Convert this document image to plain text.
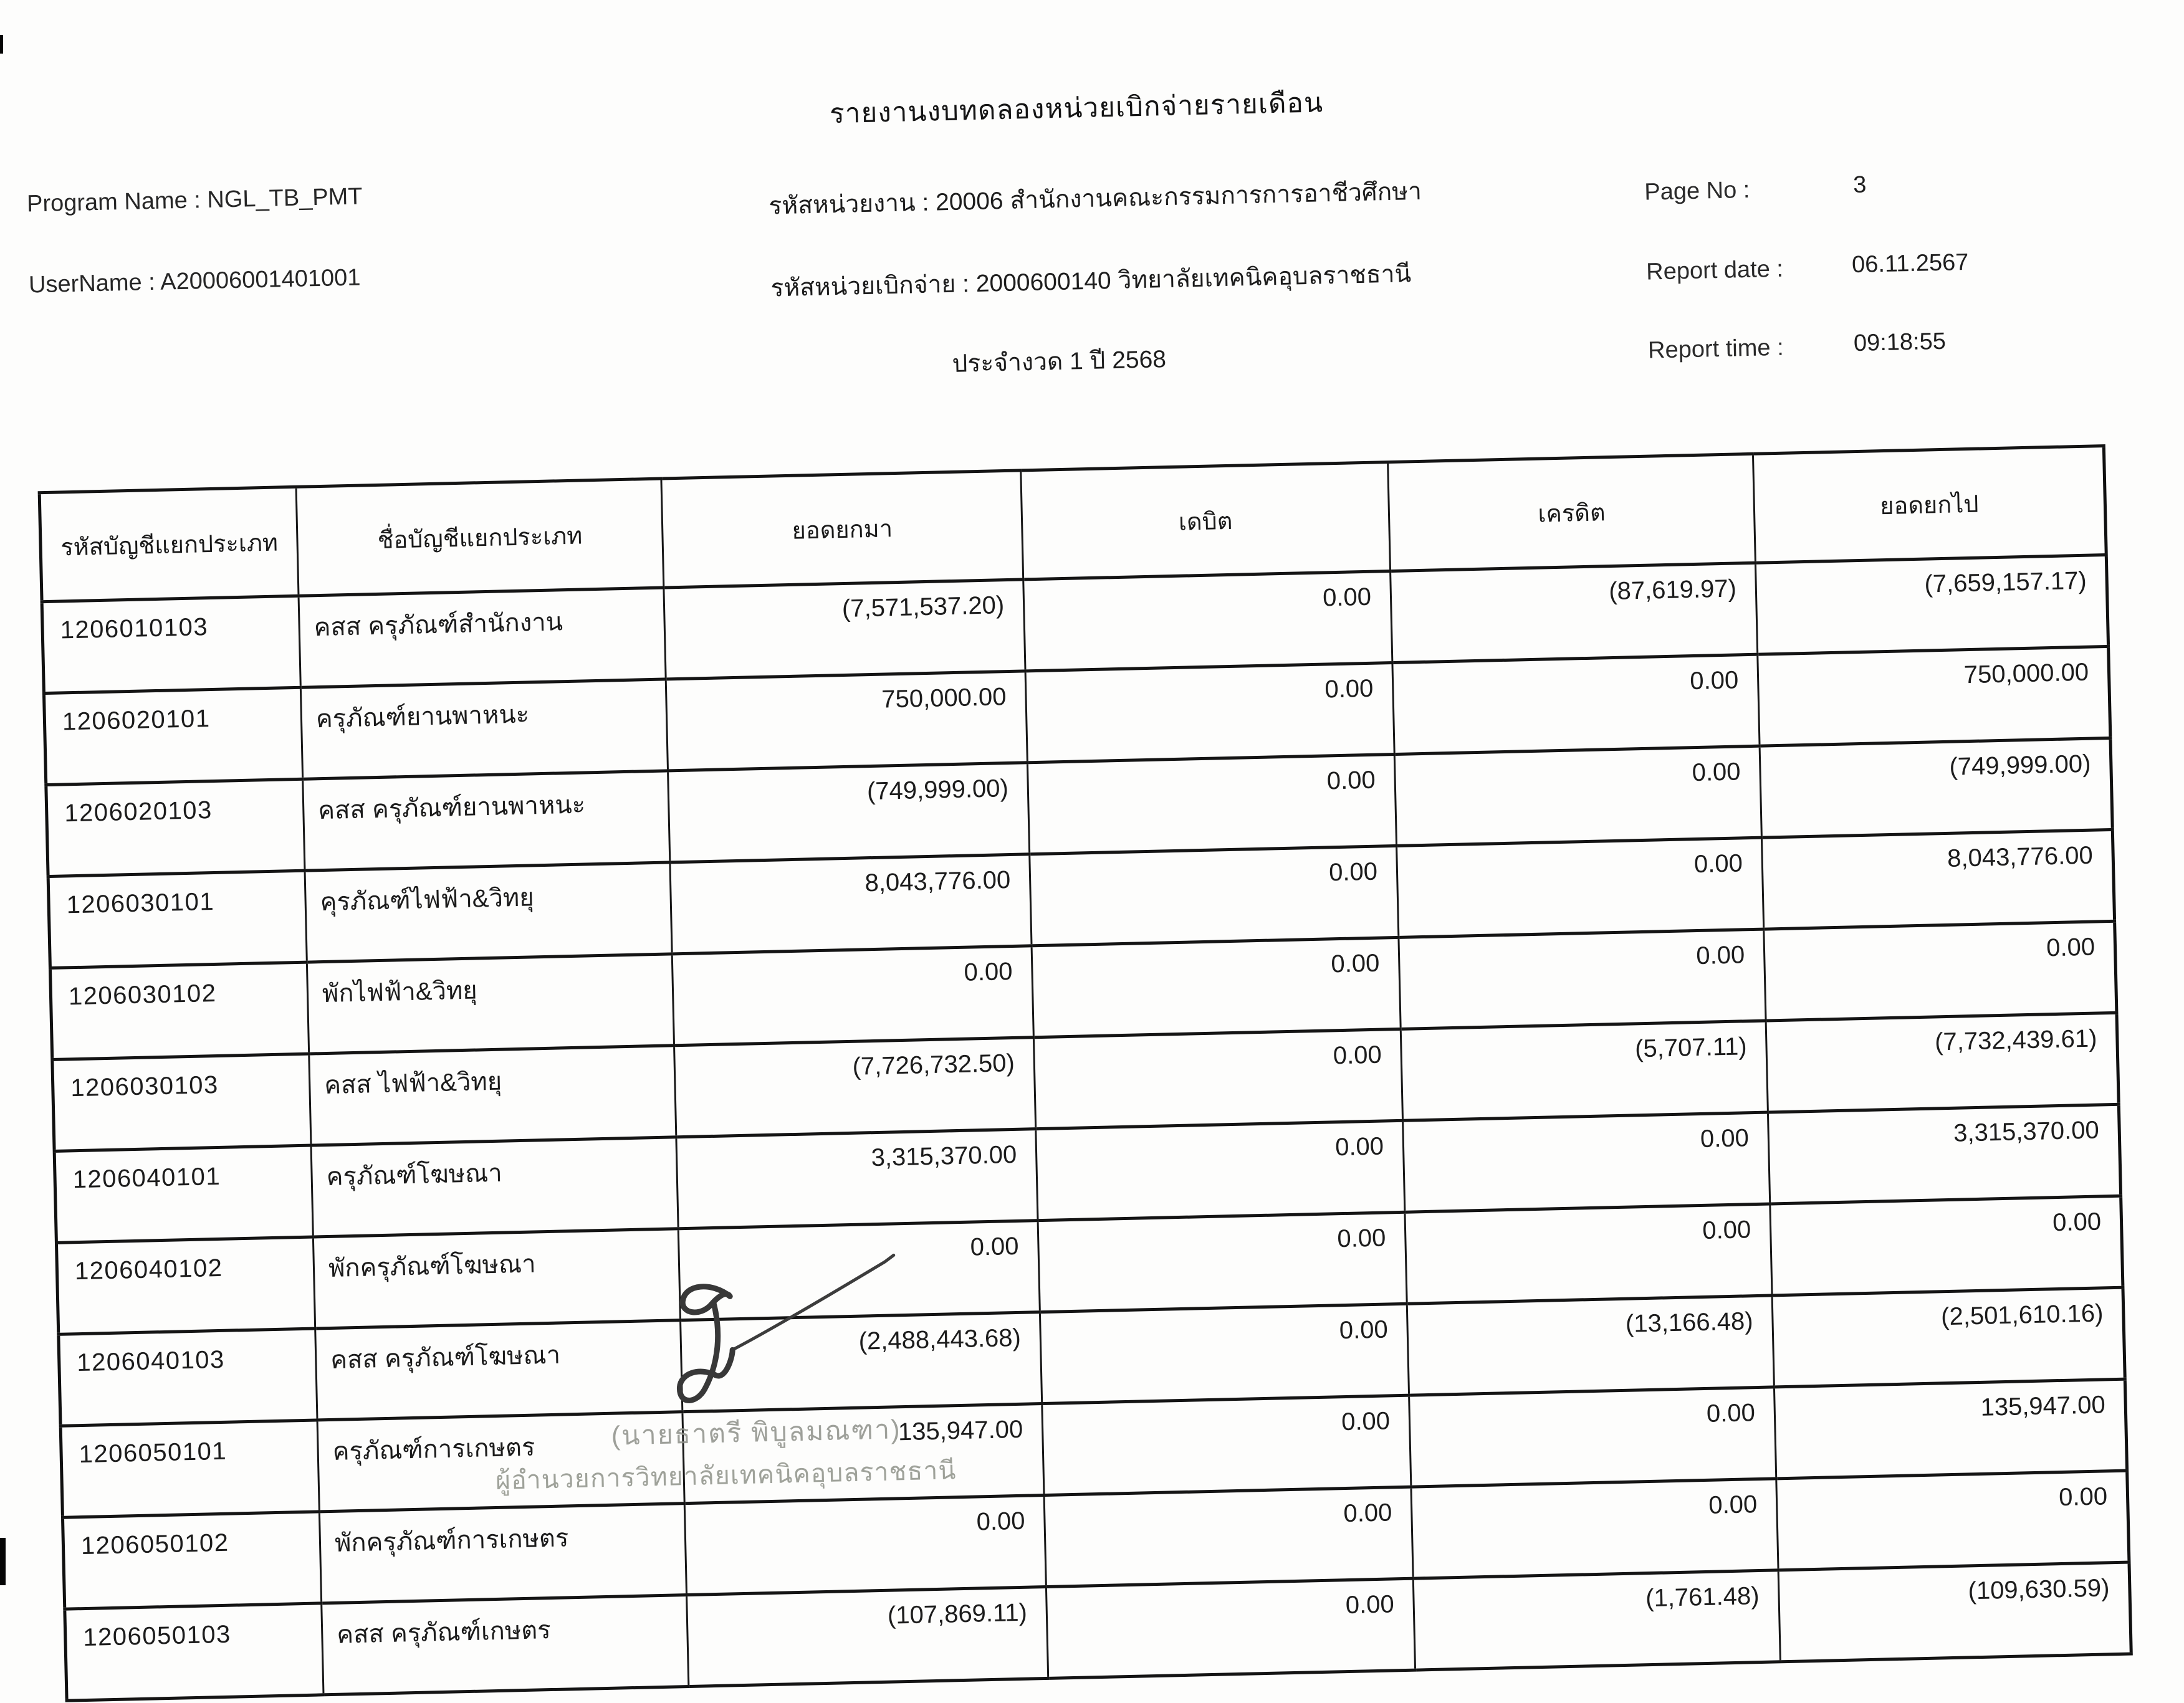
รายงานงบทดลองหน่วยเบิกจ่ายรายเดือน
Program Name : NGL_TB_PMT
UserName : A20006001401001
รหัสหน่วยงาน : 20006 สำนักงานคณะกรรมการการอาชีวศึกษา
รหัสหน่วยเบิกจ่าย : 2000600140 วิทยาลัยเทคนิคอุบลราชธานี
ประจำงวด 1 ปี 2568
Page No :	3
Report date :	06.11.2567
Report time :	09:18:55
รหัสบัญชีแยกประเภท	ชื่อบัญชีแยกประเภท	ยอดยกมา	เดบิต	เครดิต	ยอดยกไป
1206010103	คสส ครุภัณฑ์สำนักงาน	(7,571,537.20)	0.00	(87,619.97)	(7,659,157.17)
1206020101	ครุภัณฑ์ยานพาหนะ	750,000.00	0.00	0.00	750,000.00
1206020103	คสส ครุภัณฑ์ยานพาหนะ	(749,999.00)	0.00	0.00	(749,999.00)
1206030101	คุรภัณฑ์ไฟฟ้า&วิทยุ	8,043,776.00	0.00	0.00	8,043,776.00
1206030102	พักไฟฟ้า&วิทยุ	0.00	0.00	0.00	0.00
1206030103	คสส ไฟฟ้า&วิทยุ	(7,726,732.50)	0.00	(5,707.11)	(7,732,439.61)
1206040101	ครุภัณฑ์โฆษณา	3,315,370.00	0.00	0.00	3,315,370.00
1206040102	พักครุภัณฑ์โฆษณา	0.00	0.00	0.00	0.00
1206040103	คสส ครุภัณฑ์โฆษณา	(2,488,443.68)	0.00	(13,166.48)	(2,501,610.16)
1206050101	ครุภัณฑ์การเกษตร	135,947.00	0.00	0.00	135,947.00
1206050102	พักครุภัณฑ์การเกษตร	0.00	0.00	0.00	0.00
1206050103	คสส ครุภัณฑ์เกษตร	(107,869.11)	0.00	(1,761.48)	(109,630.59)
(นายธาตรี พิบูลมณฑา)
ผู้อำนวยการวิทยาลัยเทคนิคอุบลราชธานี
